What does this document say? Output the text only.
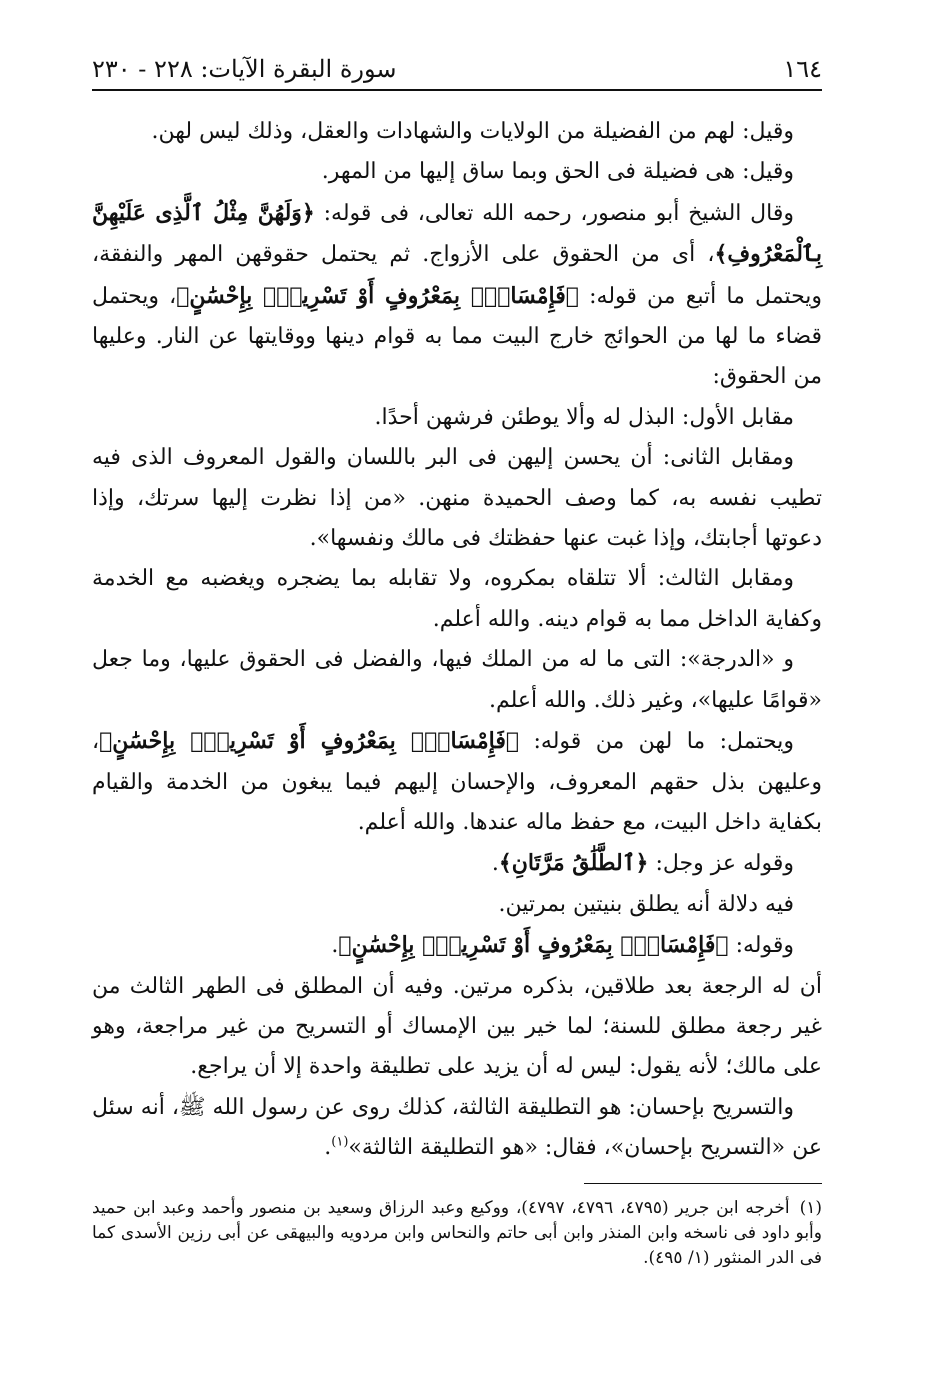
١٦٤
سورة البقرة الآيات: ٢٢٨ - ٢٣٠

وقيل: لهم من الفضيلة من الولايات والشهادات والعقل، وذلك ليس لهن.

وقيل: هى فضيلة فى الحق وبما ساق إليها من المهر.

وقال الشيخ أبو منصور، رحمه الله تعالى، فى قوله: ﴿وَلَهُنَّ مِثْلُ ٱلَّذِى عَلَيْهِنَّ بِٱلْمَعْرُوفِ﴾، أى من الحقوق على الأزواج. ثم يحتمل حقوقهن المهر والنفقة، ويحتمل ما أتبع من قوله: ﴿فَإِمْسَاكٌۢ بِمَعْرُوفٍ أَوْ تَسْرِيحٌۢ بِإِحْسَٰنٍ﴾، ويحتمل قضاء ما لها من الحوائج خارج البيت مما به قوام دينها ووقايتها عن النار. وعليها من الحقوق:

مقابل الأول: البذل له وألا يوطئن فرشهن أحدًا.

ومقابل الثانى: أن يحسن إليهن فى البر باللسان والقول المعروف الذى فيه تطيب نفسه به، كما وصف الحميدة منهن. «من إذا نظرت إليها سرتك، وإذا دعوتها أجابتك، وإذا غبت عنها حفظتك فى مالك ونفسها».

ومقابل الثالث: ألا تتلقاه بمكروه، ولا تقابله بما يضجره ويغضبه مع الخدمة وكفاية الداخل مما به قوام دينه. والله أعلم.

و «الدرجة»: التى ما له من الملك فيها، والفضل فى الحقوق عليها، وما جعل «قوامًا عليها»، وغير ذلك. والله أعلم.

ويحتمل: ما لهن من قوله: ﴿فَإِمْسَاكٌۢ بِمَعْرُوفٍ أَوْ تَسْرِيحٌۢ بِإِحْسَٰنٍ﴾، وعليهن بذل حقهم المعروف، والإحسان إليهم فيما يبغون من الخدمة والقيام بكفاية داخل البيت، مع حفظ ماله عندها. والله أعلم.

وقوله عز وجل: ﴿ٱلطَّلَٰقُ مَرَّتَانِ﴾.

فيه دلالة أنه يطلق بنيتين بمرتين.

وقوله: ﴿فَإِمْسَاكٌۢ بِمَعْرُوفٍ أَوْ تَسْرِيحٌۢ بِإِحْسَٰنٍ﴾.

أن له الرجعة بعد طلاقين، بذكره مرتين. وفيه أن المطلق فى الطهر الثالث من غير رجعة مطلق للسنة؛ لما خير بين الإمساك أو التسريح من غير مراجعة، وهو على مالك؛ لأنه يقول: ليس له أن يزيد على تطليقة واحدة إلا أن يراجع.

والتسريح بإحسان: هو التطليقة الثالثة، كذلك روى عن رسول الله ﷺ، أنه سئل عن «التسريح بإحسان»، فقال: «هو التطليقة الثالثة»$^{(١)}$.

(١)أخرجه ابن جرير (٤٧٩٥، ٤٧٩٦، ٤٧٩٧)، ووكيع وعبد الرزاق وسعيد بن منصور وأحمد وعبد ابن حميد وأبو داود فى ناسخه وابن المنذر وابن أبى حاتم والنحاس وابن مردويه والبيهقى عن أبى رزين الأسدى كما فى الدر المنثور (١/ ٤٩٥).
